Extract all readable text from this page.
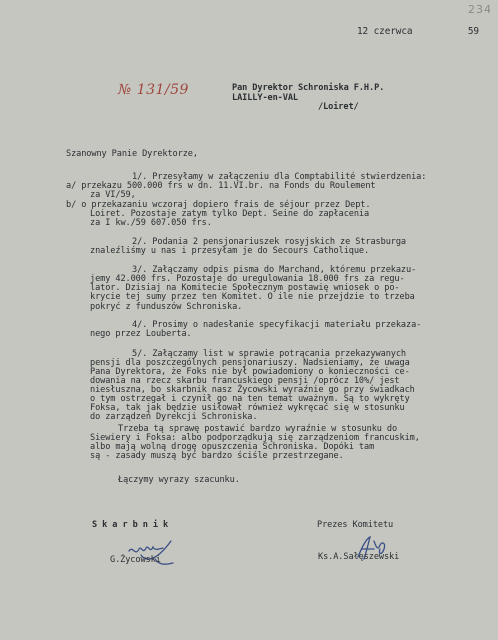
234
12 czerwca          59
№ 131/59	Pan Dyrektor Schroniska F.H.P.
LAILLY-en-VAL
/Loiret/
Szanowny Panie Dyrektorze,
1/. Przesyłamy w załączeniu dla Comptabilité stwierdzenia:
a/ przekazu 500.000 frs w dn. 11.VI.br. na Fonds du Roulement
za VI/59,
b/ o przekazaniu wczoraj dopiero frais de séjour przez Dept.
Loiret. Pozostaje zatym tylko Dept. Seine do zapłacenia
za I kw./59 607.050 frs.
2/. Podania 2 pensjonariuszek rosyjskich ze Strasburga
znaleźliśmy u nas i przesyłam je do Secours Catholique.
3/. Załączamy odpis pisma do Marchand, któremu przekazu-
jemy 42.000 frs. Pozostaje do uregulowania 18.000 frs za regu-
lator. Dzisiaj na Komitecie Społecznym postawię wniosek o po-
krycie tej sumy przez ten Komitet. O ile nie przejdzie to trzeba
pokryć z funduszów Schroniska.
4/. Prosimy o nadesłanie specyfikacji materiału przekaza-
nego przez Louberta.
5/. Załączamy list w sprawie potrącania przekazywanych
pensji dla poszczególnych pensjonariuszy. Nadsieniamy, że uwaga
Pana Dyrektora, że Foks nie był powiadomiony o konieczności ce-
dowania na rzecz skarbu francuskiego pensji /oprócz 10%/ jest
niesłuszna, bo skarbnik nasz Życowski wyraźnie go przy świadkach
o tym ostrzegał i czynił go na ten temat uważnym. Są to wykręty
Foksa, tak jak będzie usiłował również wykręcać się w stosunku
do zarządzeń Dyrekcji Schroniska.
Trzeba tą sprawę postawić bardzo wyraźnie w stosunku do
Siewiery i Foksa: albo podporządkują się zarządzeniom francuskim,
albo mają wolną drogę opuszczenia Schroniska. Dopóki tam
są - zasady muszą być bardzo ściśle przestrzegane.
Łączymy wyrazy szacunku.
S k a r b n i k	Prezes Komitetu
G.Życowski	Ks.A.Sałęszewski
